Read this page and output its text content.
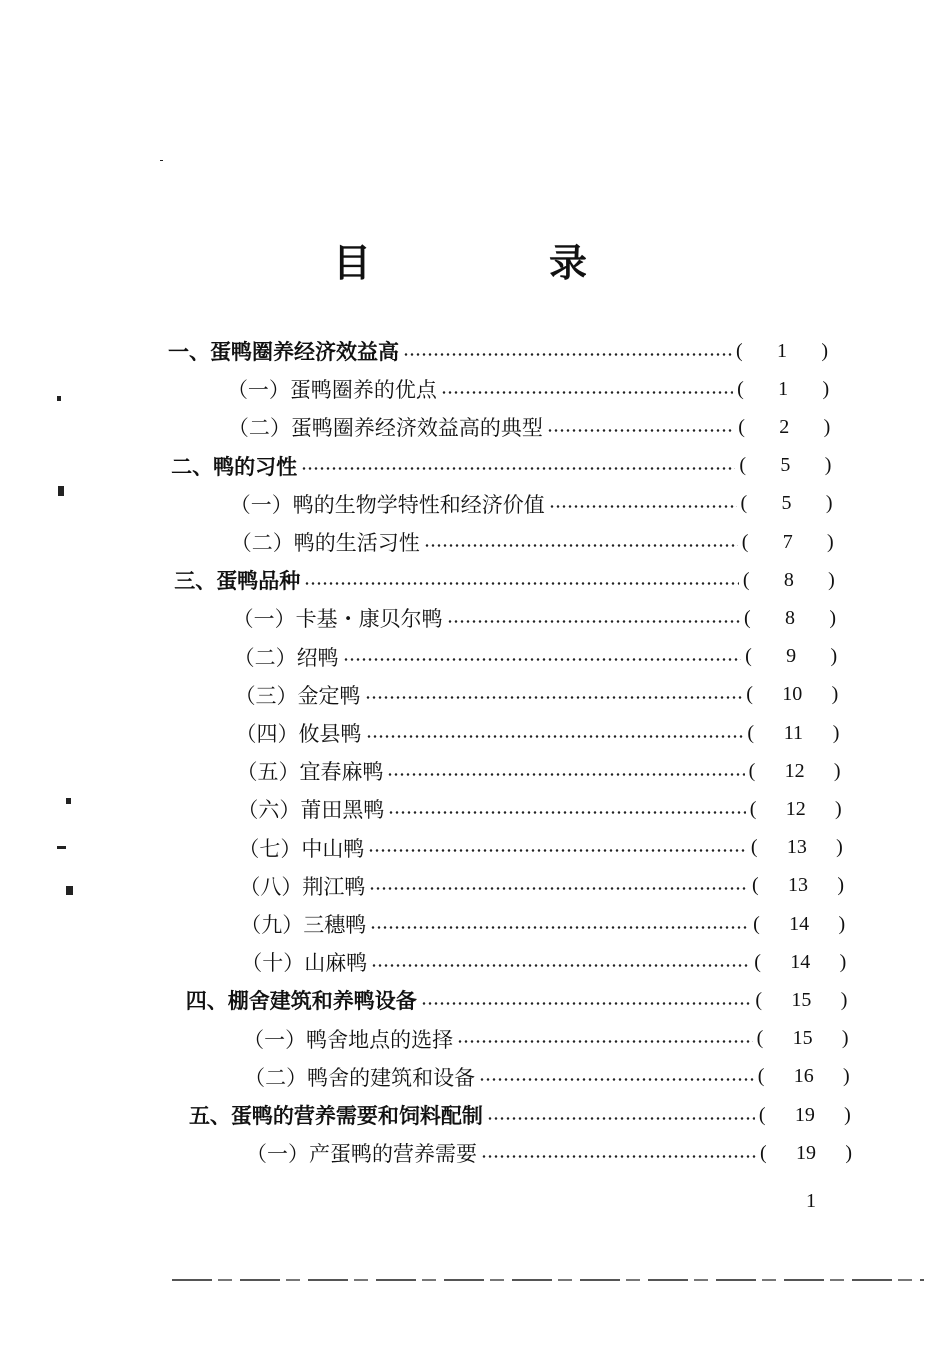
目　录
一、蛋鸭圈养经济效益高	(	1	)
（一）蛋鸭圈养的优点	(	1	)
（二）蛋鸭圈养经济效益高的典型	(	2	)
二、鸭的习性	(	5	)
（一）鸭的生物学特性和经济价值	(	5	)
（二）鸭的生活习性	(	7	)
三、蛋鸭品种	(	8	)
（一）卡基・康贝尔鸭	(	8	)
（二）绍鸭	(	9	)
（三）金定鸭	(	10	)
（四）攸县鸭	(	11	)
（五）宜春麻鸭	(	12	)
（六）莆田黑鸭	(	12	)
（七）中山鸭	(	13	)
（八）荆江鸭	(	13	)
（九）三穗鸭	(	14	)
（十）山麻鸭	(	14	)
四、棚舍建筑和养鸭设备	(	15	)
（一）鸭舍地点的选择	(	15	)
（二）鸭舍的建筑和设备	(	16	)
五、蛋鸭的营养需要和饲料配制	(	19	)
（一）产蛋鸭的营养需要	(	19	)
1
